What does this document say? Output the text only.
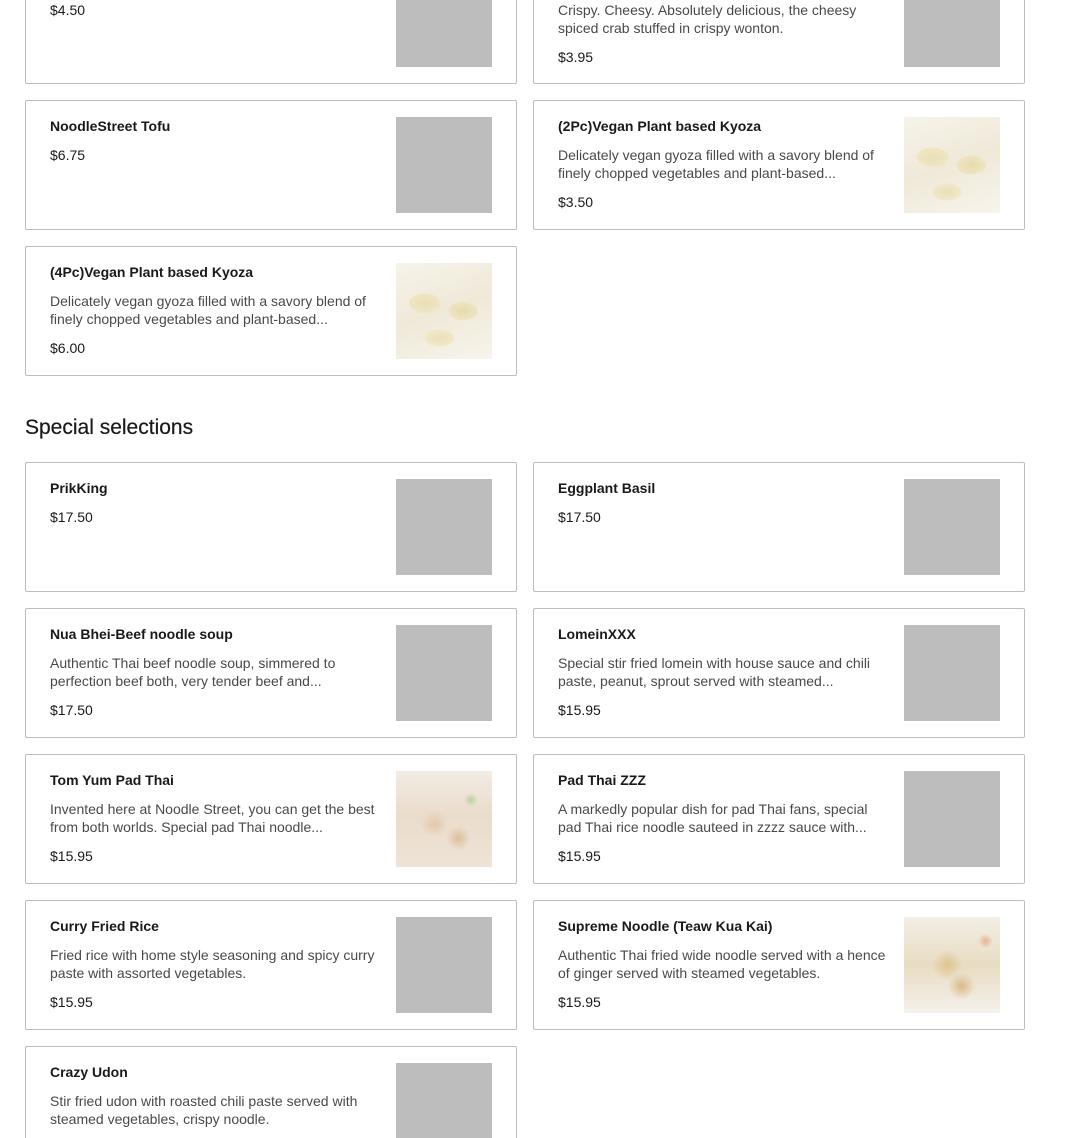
$4.50	Crispy. Cheesy. Absolutely delicious, the cheesy spiced crab stuffed in crispy wonton.
$3.95
NoodleStreet Tofu
$6.75
(2Pc)Vegan Plant based Kyoza
Delicately vegan gyoza filled with a savory blend of finely chopped vegetables and plant-based...
$3.50
(4Pc)Vegan Plant based Kyoza
Delicately vegan gyoza filled with a savory blend of finely chopped vegetables and plant-based...
$6.00
Special selections
PrikKing
$17.50
Eggplant Basil
$17.50
Nua Bhei-Beef noodle soup
Authentic Thai beef noodle soup, simmered to perfection beef both, very tender beef and...
$17.50
LomeinXXX
Special stir fried lomein with house sauce and chili paste, peanut, sprout served with steamed...
$15.95
Tom Yum Pad Thai
Invented here at Noodle Street, you can get the best from both worlds. Special pad Thai noodle...
$15.95
Pad Thai ZZZ
A markedly popular dish for pad Thai fans, special pad Thai rice noodle sauteed in zzzz sauce with...
$15.95
Curry Fried Rice
Fried rice with home style seasoning and spicy curry paste with assorted vegetables.
$15.95
Supreme Noodle (Teaw Kua Kai)
Authentic Thai fried wide noodle served with a hence of ginger served with steamed vegetables.
$15.95
Crazy Udon
Stir fried udon with roasted chili paste served with steamed vegetables, crispy noodle.
